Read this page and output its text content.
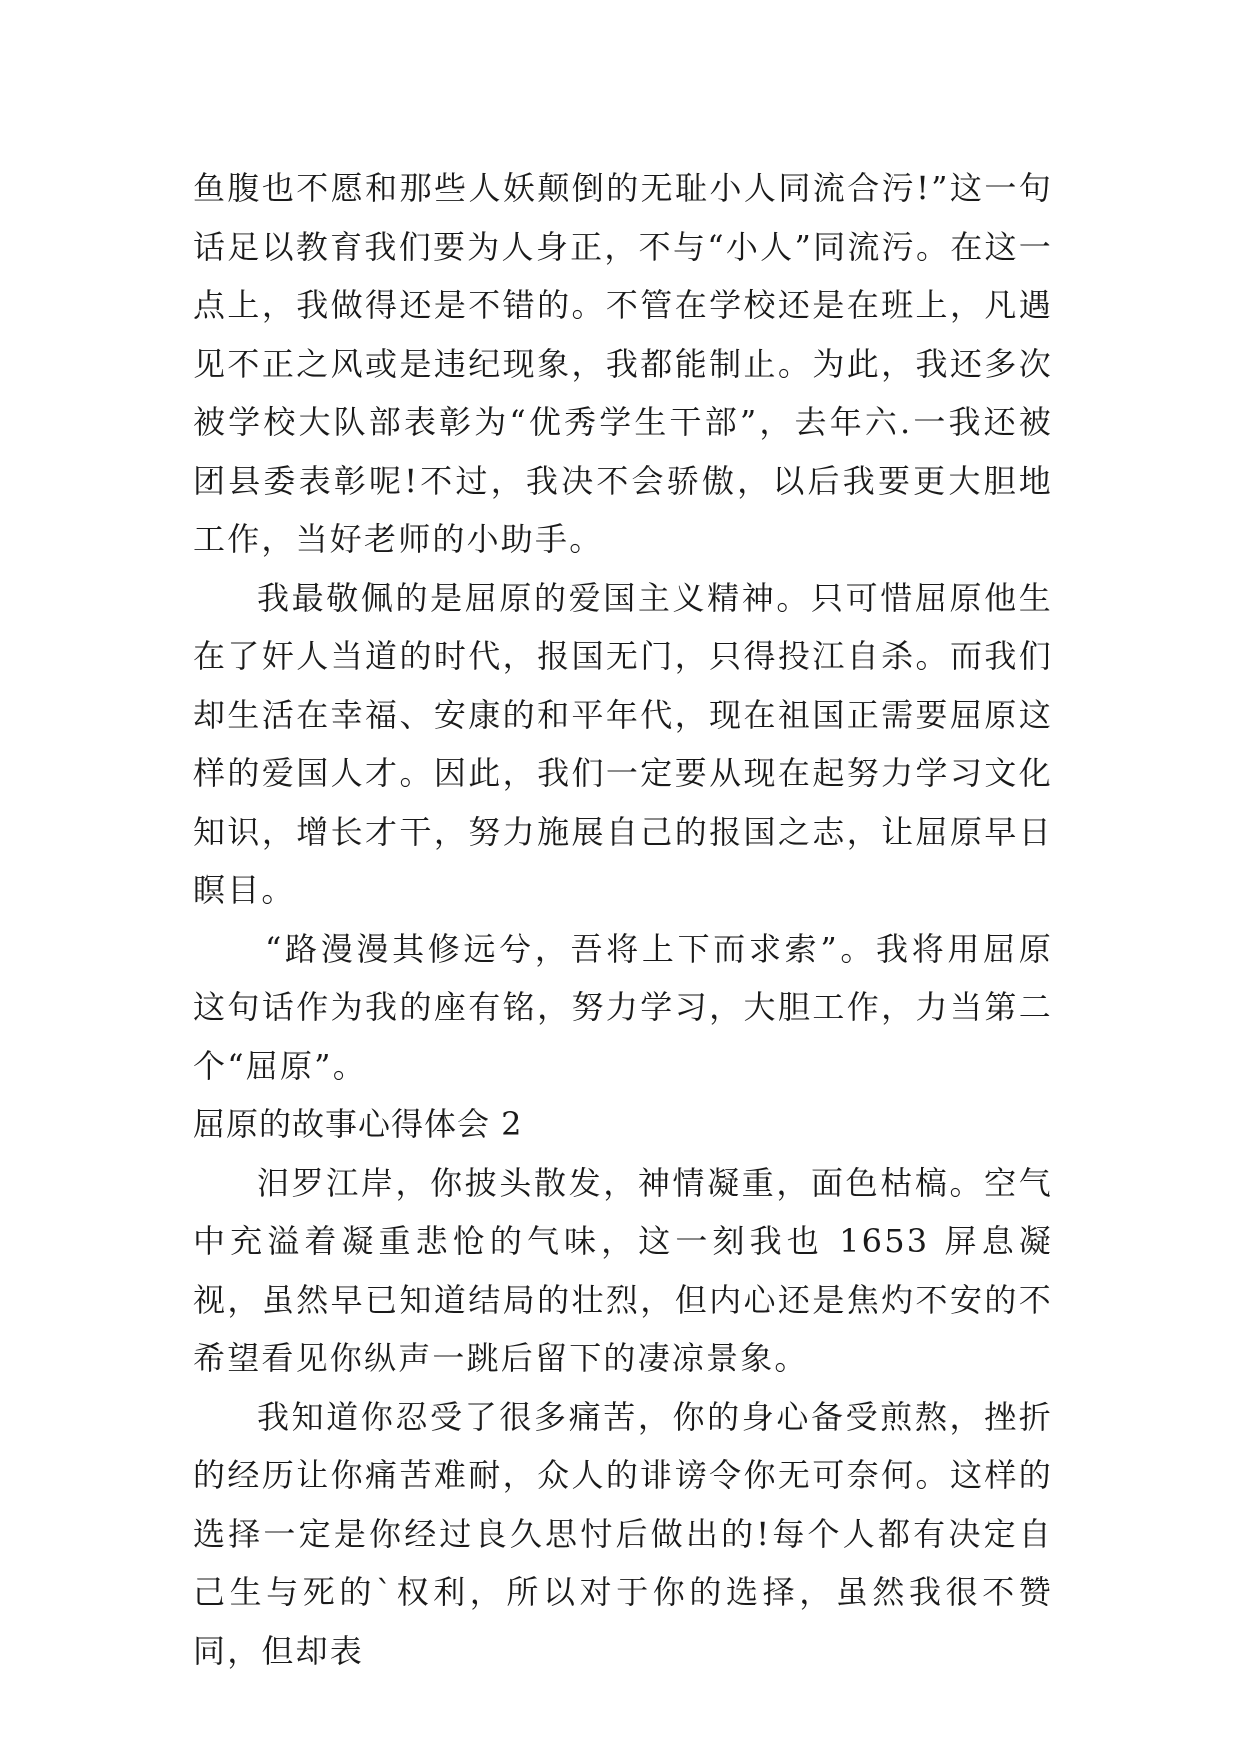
鱼腹也不愿和那些人妖颠倒的无耻小人同流合污!”这一句话足以教育我们要为人身正，不与“小人”同流污。在这一点上，我做得还是不错的。不管在学校还是在班上，凡遇见不正之风或是违纪现象，我都能制止。为此，我还多次被学校大队部表彰为“优秀学生干部”，去年六.一我还被团县委表彰呢!不过，我决不会骄傲，以后我要更大胆地工作，当好老师的小助手。

我最敬佩的是屈原的爱国主义精神。只可惜屈原他生在了奸人当道的时代，报国无门，只得投江自杀。而我们却生活在幸福、安康的和平年代，现在祖国正需要屈原这样的爱国人才。因此，我们一定要从现在起努力学习文化知识，增长才干，努力施展自己的报国之志，让屈原早日瞑目。

“路漫漫其修远兮，吾将上下而求索”。我将用屈原这句话作为我的座有铭，努力学习，大胆工作，力当第二个“屈原”。

屈原的故事心得体会 2

汨罗江岸，你披头散发，神情凝重，面色枯槁。空气中充溢着凝重悲怆的气味，这一刻我也 1653 屏息凝视，虽然早已知道结局的壮烈，但内心还是焦灼不安的不希望看见你纵声一跳后留下的凄凉景象。

我知道你忍受了很多痛苦，你的身心备受煎熬，挫折的经历让你痛苦难耐，众人的诽谤令你无可奈何。这样的选择一定是你经过良久思忖后做出的!每个人都有决定自己生与死的`权利，所以对于你的选择，虽然我很不赞同，但却表
